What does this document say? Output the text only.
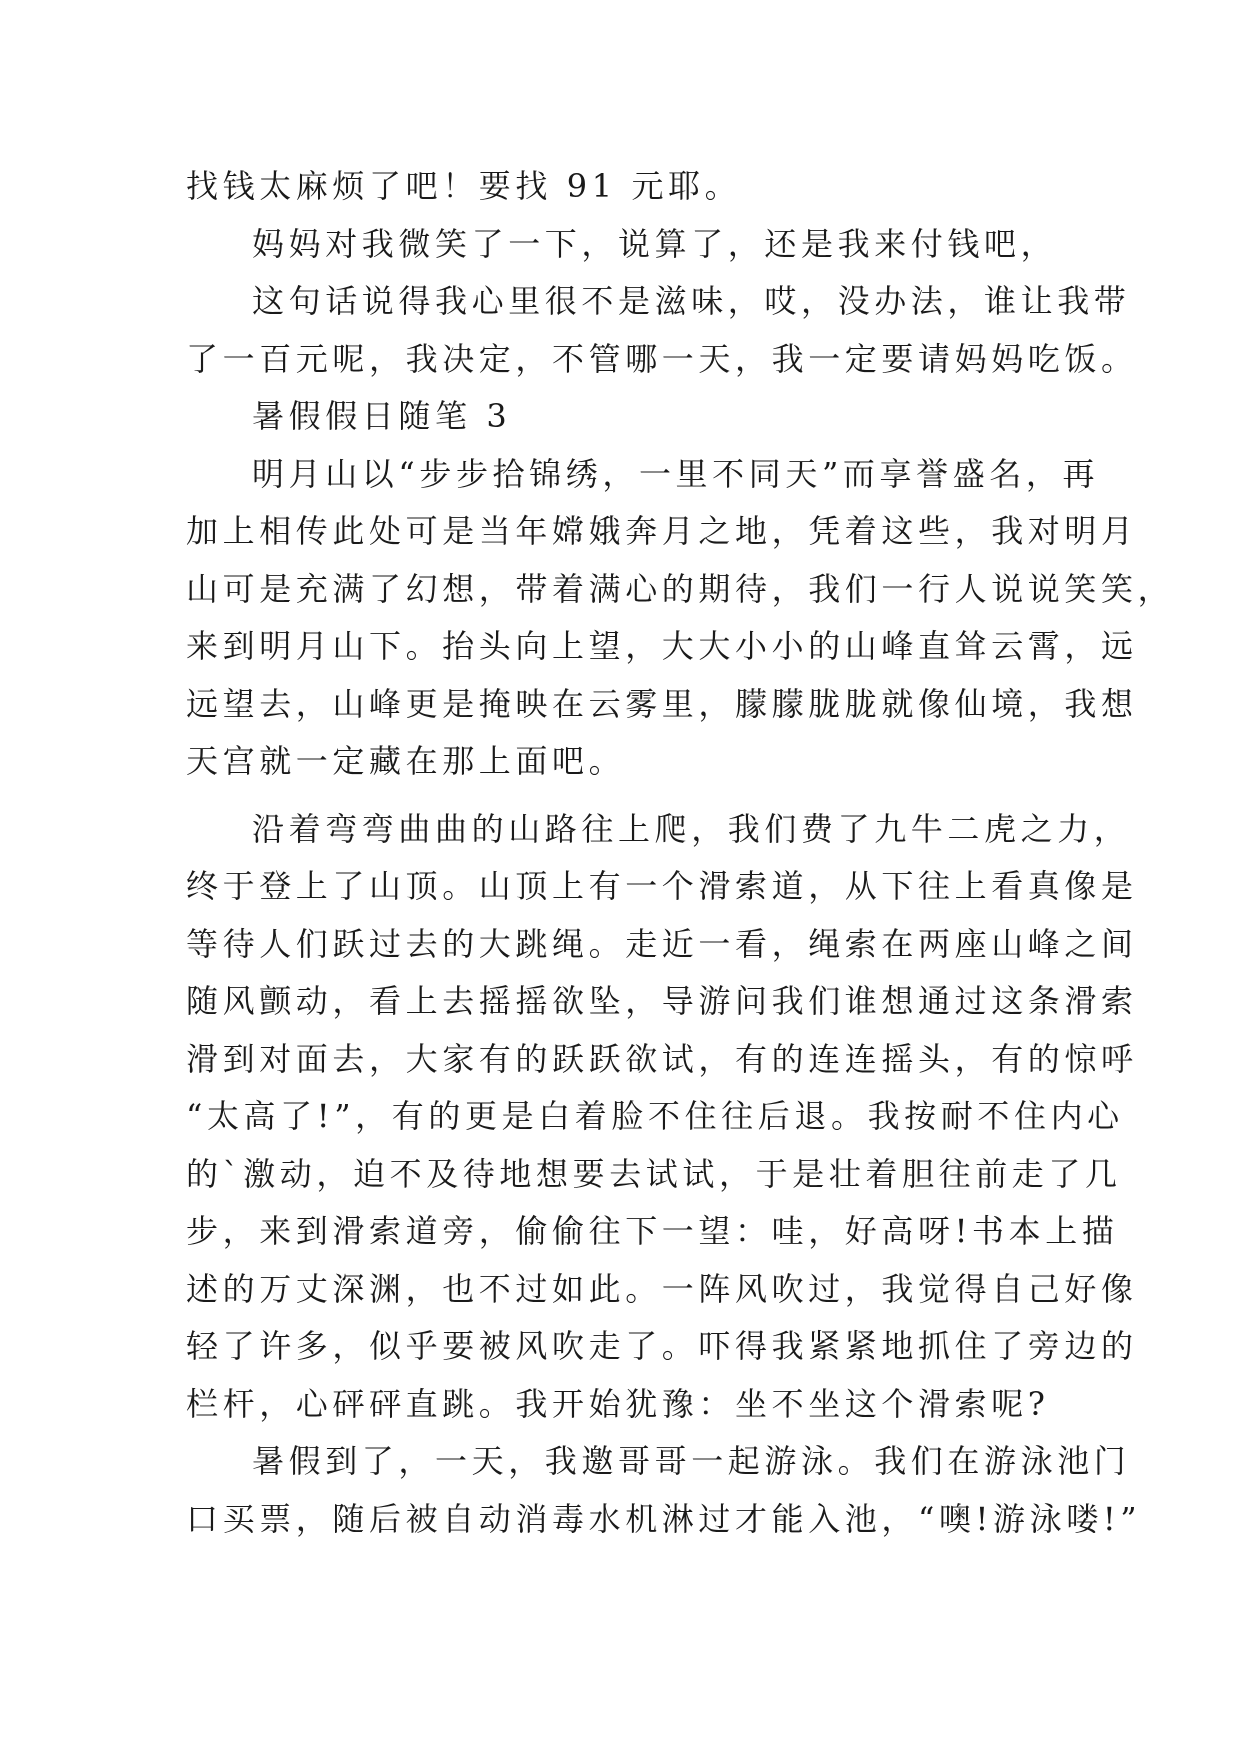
找钱太麻烦了吧！要找 91 元耶。
妈妈对我微笑了一下，说算了，还是我来付钱吧，
这句话说得我心里很不是滋味，哎，没办法，谁让我带
了一百元呢，我决定，不管哪一天，我一定要请妈妈吃饭。
暑假假日随笔 3
明月山以“步步拾锦绣，一里不同天”而享誉盛名，再
加上相传此处可是当年嫦娥奔月之地，凭着这些，我对明月
山可是充满了幻想，带着满心的期待，我们一行人说说笑笑，
来到明月山下。抬头向上望，大大小小的山峰直耸云霄，远
远望去，山峰更是掩映在云雾里，朦朦胧胧就像仙境，我想
天宫就一定藏在那上面吧。
沿着弯弯曲曲的山路往上爬，我们费了九牛二虎之力，
终于登上了山顶。山顶上有一个滑索道，从下往上看真像是
等待人们跃过去的大跳绳。走近一看，绳索在两座山峰之间
随风颤动，看上去摇摇欲坠，导游问我们谁想通过这条滑索
滑到对面去，大家有的跃跃欲试，有的连连摇头，有的惊呼
“太高了!”，有的更是白着脸不住往后退。我按耐不住内心
的`激动，迫不及待地想要去试试，于是壮着胆往前走了几
步，来到滑索道旁，偷偷往下一望：哇，好高呀!书本上描
述的万丈深渊，也不过如此。一阵风吹过，我觉得自己好像
轻了许多，似乎要被风吹走了。吓得我紧紧地抓住了旁边的
栏杆，心砰砰直跳。我开始犹豫：坐不坐这个滑索呢?
暑假到了，一天，我邀哥哥一起游泳。我们在游泳池门
口买票，随后被自动消毒水机淋过才能入池，“噢!游泳喽!”
